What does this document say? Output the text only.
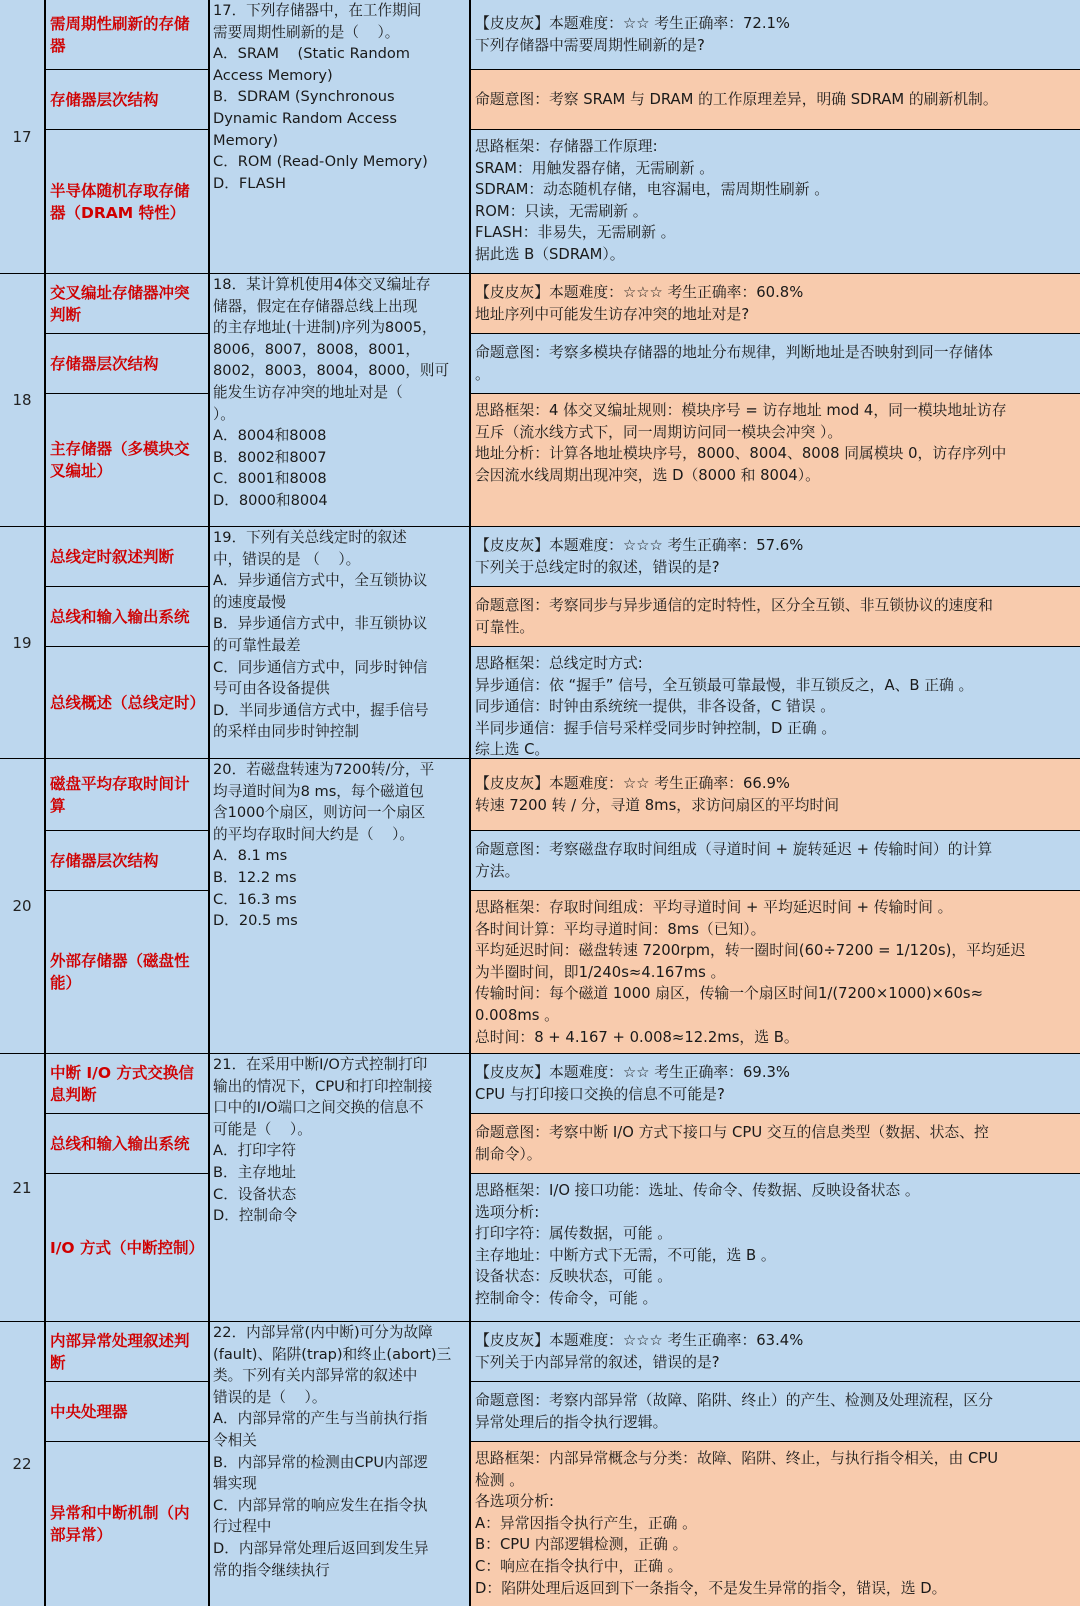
17
需周期性刷新的存储器
存储器层次结构
半导体随机存取存储器（DRAM 特性）
17．下列存储器中，在工作期间
需要周期性刷新的是（    ）。
A．SRAM    (Static Random
Access Memory)
B．SDRAM (Synchronous
Dynamic Random Access
Memory)
C．ROM (Read-Only Memory)
D．FLASH
【皮皮灰】本题难度：☆☆ 考生正确率：72.1%
下列存储器中需要周期性刷新的是?
命题意图：考察 SRAM 与 DRAM 的工作原理差异，明确 SDRAM 的刷新机制。
思路框架：存储器工作原理:
SRAM：用触发器存储，无需刷新 。
SDRAM：动态随机存储，电容漏电，需周期性刷新 。
ROM：只读，无需刷新 。
FLASH：非易失，无需刷新 。
据此选 B（SDRAM）。
18
交叉编址存储器冲突判断
存储器层次结构
主存储器（多模块交叉编址）
18．某计算机使用4体交叉编址存
储器，假定在存储器总线上出现
的主存地址(十进制)序列为8005，
8006，8007，8008，8001，
8002，8003，8004，8000，则可
能发生访存冲突的地址对是（
）。
A．8004和8008
B．8002和8007
C．8001和8008
D．8000和8004
【皮皮灰】本题难度：☆☆☆ 考生正确率：60.8%
地址序列中可能发生访存冲突的地址对是?
命题意图：考察多模块存储器的地址分布规律，判断地址是否映射到同一存储体
。
思路框架：4 体交叉编址规则：模块序号 = 访存地址 mod 4，同一模块地址访存
互斥（流水线方式下，同一周期访问同一模块会冲突 ）。
地址分析：计算各地址模块序号，8000、8004、8008 同属模块 0，访存序列中
会因流水线周期出现冲突，选 D（8000 和 8004）。
19
总线定时叙述判断
总线和输入输出系统
总线概述（总线定时）
19．下列有关总线定时的叙述
中，错误的是 （    ）。
A．异步通信方式中，全互锁协议
的速度最慢
B．异步通信方式中，非互锁协议
的可靠性最差
C．同步通信方式中，同步时钟信
号可由各设备提供
D．半同步通信方式中，握手信号
的采样由同步时钟控制
【皮皮灰】本题难度：☆☆☆ 考生正确率：57.6%
下列关于总线定时的叙述，错误的是?
命题意图：考察同步与异步通信的定时特性，区分全互锁、非互锁协议的速度和
可靠性。
思路框架：总线定时方式:
异步通信：依 “握手” 信号，全互锁最可靠最慢，非互锁反之，A、B 正确 。
同步通信：时钟由系统统一提供，非各设备，C 错误 。
半同步通信：握手信号采样受同步时钟控制，D 正确 。
综上选 C。
20
磁盘平均存取时间计算
存储器层次结构
外部存储器（磁盘性能）
20．若磁盘转速为7200转/分，平
均寻道时间为8 ms，每个磁道包
含1000个扇区，则访问一个扇区
的平均存取时间大约是（    ）。
A．8.1 ms
B．12.2 ms
C．16.3 ms
D．20.5 ms
【皮皮灰】本题难度：☆☆ 考生正确率：66.9%
转速 7200 转 / 分，寻道 8ms，求访问扇区的平均时间
命题意图：考察磁盘存取时间组成（寻道时间 + 旋转延迟 + 传输时间）的计算
方法。
思路框架：存取时间组成：平均寻道时间 + 平均延迟时间 + 传输时间 。
各时间计算：平均寻道时间：8ms（已知）。
平均延迟时间：磁盘转速 7200rpm，转一圈时间(60÷7200 = 1/120s)，平均延迟
为半圈时间，即1/240s≈4.167ms 。
传输时间：每个磁道 1000 扇区，传输一个扇区时间1/(7200×1000)×60s≈
0.008ms 。
总时间：8 + 4.167 + 0.008≈12.2ms，选 B。
21
中断 I/O 方式交换信息判断
总线和输入输出系统
I/O 方式（中断控制）
21．在采用中断I/O方式控制打印
输出的情况下，CPU和打印控制接
口中的I/O端口之间交换的信息不
可能是（    ）。
A．打印字符
B．主存地址
C．设备状态
D．控制命令
【皮皮灰】本题难度：☆☆ 考生正确率：69.3%
CPU 与打印接口交换的信息不可能是?
命题意图：考察中断 I/O 方式下接口与 CPU 交互的信息类型（数据、状态、控
制命令）。
思路框架：I/O 接口功能：选址、传命令、传数据、反映设备状态 。
选项分析:
打印字符：属传数据，可能 。
主存地址：中断方式下无需，不可能，选 B 。
设备状态：反映状态，可能 。
控制命令：传命令，可能 。
22
内部异常处理叙述判断
中央处理器
异常和中断机制（内部异常）
22．内部异常(内中断)可分为故障
(fault)、陷阱(trap)和终止(abort)三
类。下列有关内部异常的叙述中
错误的是（    ）。
A．内部异常的产生与当前执行指
令相关
B．内部异常的检测由CPU内部逻
辑实现
C．内部异常的响应发生在指令执
行过程中
D．内部异常处理后返回到发生异
常的指令继续执行
【皮皮灰】本题难度：☆☆☆ 考生正确率：63.4%
下列关于内部异常的叙述，错误的是?
命题意图：考察内部异常（故障、陷阱、终止）的产生、检测及处理流程，区分
异常处理后的指令执行逻辑。
思路框架：内部异常概念与分类：故障、陷阱、终止，与执行指令相关，由 CPU
检测 。
各选项分析:
A：异常因指令执行产生，正确 。
B：CPU 内部逻辑检测，正确 。
C：响应在指令执行中，正确 。
D：陷阱处理后返回到下一条指令，不是发生异常的指令，错误，选 D。
